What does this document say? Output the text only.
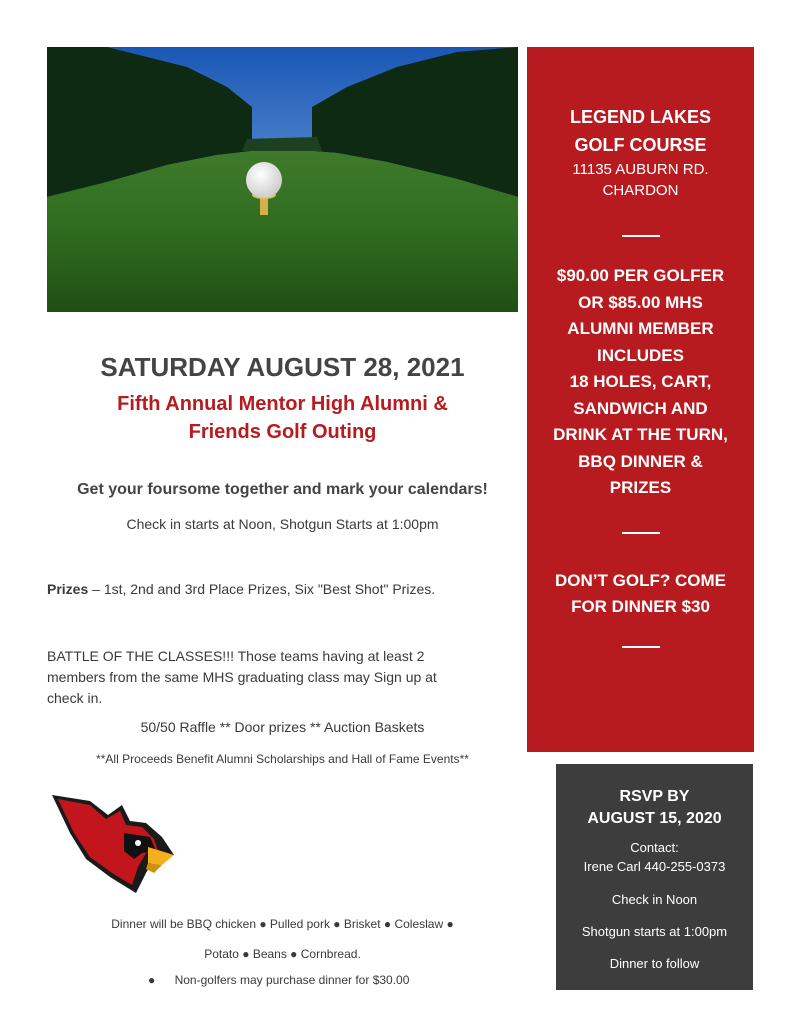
LEGEND LAKES
GOLF COURSE
11135 AUBURN RD.
CHARDON
$90.00 PER GOLFER
OR $85.00 MHS
ALUMNI MEMBER
INCLUDES
18 HOLES, CART,
SANDWICH AND
DRINK AT THE TURN,
BBQ DINNER &
PRIZES
DON’T GOLF? COME
FOR DINNER $30
RSVP BY
AUGUST 15, 2020
Contact:
Irene Carl 440-255-0373
Check in Noon
Shotgun starts at 1:00pm
Dinner to follow
SATURDAY AUGUST 28, 2021
Fifth Annual Mentor High Alumni &
Friends Golf Outing
Get your foursome together and mark your calendars!
Check in starts at Noon, Shotgun Starts at 1:00pm
Prizes – 1st, 2nd and 3rd Place Prizes, Six "Best Shot" Prizes.
BATTLE OF THE CLASSES!!! Those teams having at least 2
members from the same MHS graduating class may Sign up at
check in.
50/50 Raffle ** Door prizes ** Auction Baskets
**All Proceeds Benefit Alumni Scholarships and Hall of Fame Events**
Dinner will be BBQ chicken ● Pulled pork ● Brisket ● Coleslaw ●
Potato ● Beans ● Cornbread.
● Non-golfers may purchase dinner for $30.00
